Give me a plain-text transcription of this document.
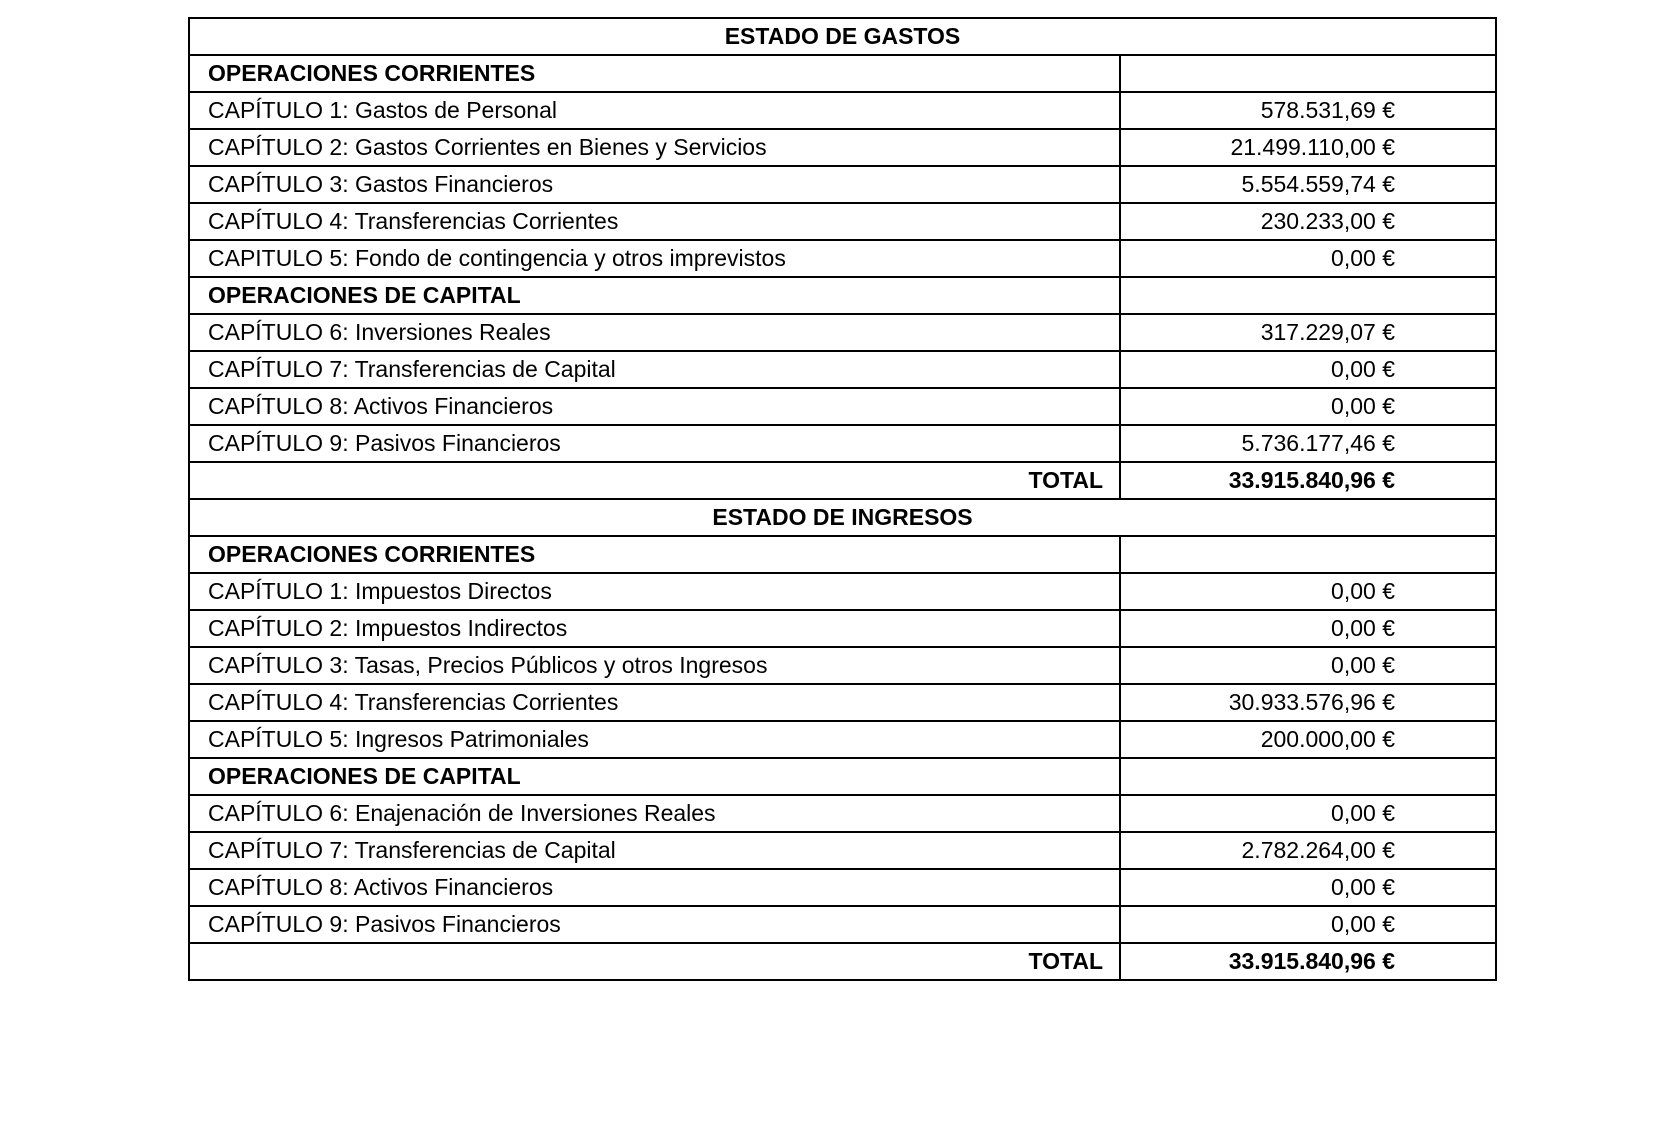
ESTADO DE GASTOS	
OPERACIONES CORRIENTES	
CAPÍTULO 1: Gastos de Personal	578.531,69 €
CAPÍTULO 2: Gastos Corrientes en Bienes y Servicios	21.499.110,00 €
CAPÍTULO 3: Gastos Financieros	5.554.559,74 €
CAPÍTULO 4: Transferencias Corrientes	230.233,00 €
CAPITULO 5: Fondo de contingencia y otros imprevistos	0,00 €
OPERACIONES DE CAPITAL	
CAPÍTULO 6: Inversiones Reales	317.229,07 €
CAPÍTULO 7: Transferencias de Capital	0,00 €
CAPÍTULO 8: Activos Financieros	0,00 €
CAPÍTULO 9: Pasivos Financieros	5.736.177,46 €
TOTAL	33.915.840,96 €
ESTADO DE INGRESOS	
OPERACIONES CORRIENTES	
CAPÍTULO 1: Impuestos Directos	0,00 €
CAPÍTULO 2: Impuestos Indirectos	0,00 €
CAPÍTULO 3: Tasas, Precios Públicos y otros Ingresos	0,00 €
CAPÍTULO 4: Transferencias Corrientes	30.933.576,96 €
CAPÍTULO 5: Ingresos Patrimoniales	200.000,00 €
OPERACIONES DE CAPITAL	
CAPÍTULO 6: Enajenación de Inversiones Reales	0,00 €
CAPÍTULO 7: Transferencias de Capital	2.782.264,00 €
CAPÍTULO 8: Activos Financieros	0,00 €
CAPÍTULO 9: Pasivos Financieros	0,00 €
TOTAL	33.915.840,96 €
